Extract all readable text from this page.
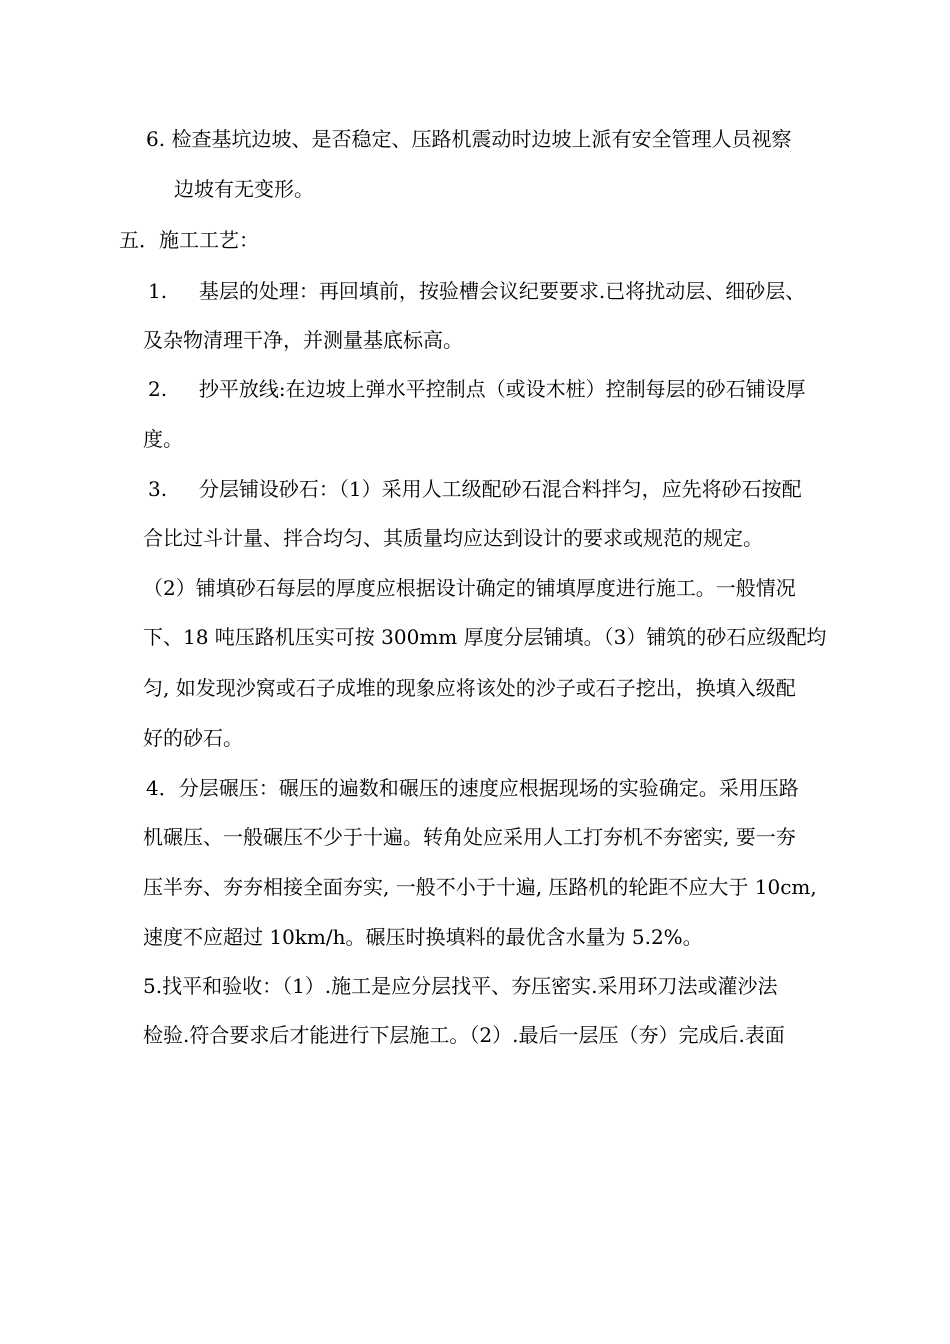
6. 检查基坑边坡、是否稳定、压路机震动时边坡上派有安全管理人员视察

边坡有无变形。

五．施工工艺：

1.     基层的处理：再回填前，按验槽会议纪要要求.已将扰动层、细砂层、

及杂物清理干净，并测量基底标高。

2.     抄平放线:在边坡上弹水平控制点（或设木桩）控制每层的砂石铺设厚

度。

3.     分层铺设砂石：（1）采用人工级配砂石混合料拌匀，应先将砂石按配

合比过斗计量、拌合均匀、其质量均应达到设计的要求或规范的规定。

（2）铺填砂石每层的厚度应根据设计确定的铺填厚度进行施工。一般情况

下、18 吨压路机压实可按 300mm 厚度分层铺填。（3）铺筑的砂石应级配均

匀, 如发现沙窝或石子成堆的现象应将该处的沙子或石子挖出，换填入级配

好的砂石。

4．分层碾压：碾压的遍数和碾压的速度应根据现场的实验确定。采用压路

机碾压、一般碾压不少于十遍。转角处应采用人工打夯机不夯密实, 要一夯

压半夯、夯夯相接全面夯实, 一般不小于十遍, 压路机的轮距不应大于 10cm,

速度不应超过 10km/h。碾压时换填料的最优含水量为 5.2%。

5.找平和验收：（1）.施工是应分层找平、夯压密实.采用环刀法或灌沙法

检验.符合要求后才能进行下层施工。（2）.最后一层压（夯）完成后.表面
